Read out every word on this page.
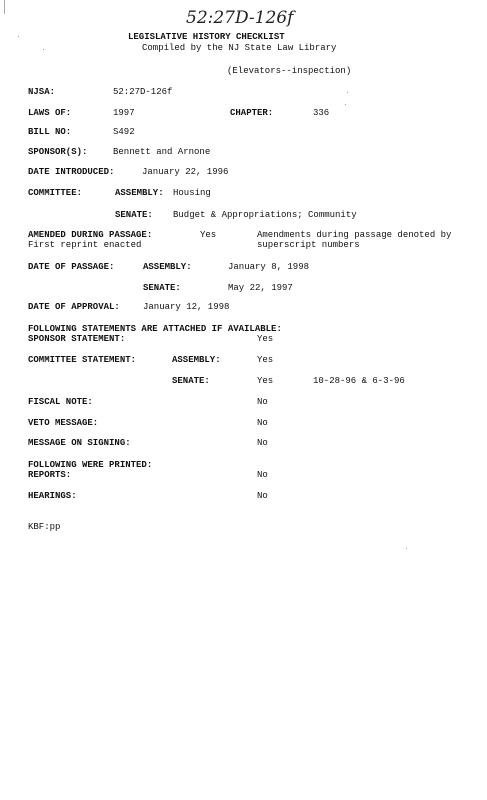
52:27D-126f
LEGISLATIVE HISTORY CHECKLIST
Compiled by the NJ State Law Library
(Elevators--inspection)
NJSA:	52:27D-126f
LAWS OF:	1997	CHAPTER:	336
BILL NO:	S492
SPONSOR(S):	Bennett and Arnone
DATE INTRODUCED:	January 22, 1996
COMMITTEE:	ASSEMBLY: Housing
SENATE: Budget & Appropriations; Community
AMENDED DURING PASSAGE:	Yes	Amendments during passage denoted by
First reprint enacted	superscript numbers
DATE OF PASSAGE:	ASSEMBLY:	January 8, 1998
SENATE:	May 22, 1997
DATE OF APPROVAL:	January 12, 1998
FOLLOWING STATEMENTS ARE ATTACHED IF AVAILABLE:
SPONSOR STATEMENT:	Yes
COMMITTEE STATEMENT:	ASSEMBLY:	Yes
SENATE:	Yes	10-28-96 & 6-3-96
FISCAL NOTE:	No
VETO MESSAGE:	No
MESSAGE ON SIGNING:	No
FOLLOWING WERE PRINTED:
REPORTS:	No
HEARINGS:	No
KBF:pp
